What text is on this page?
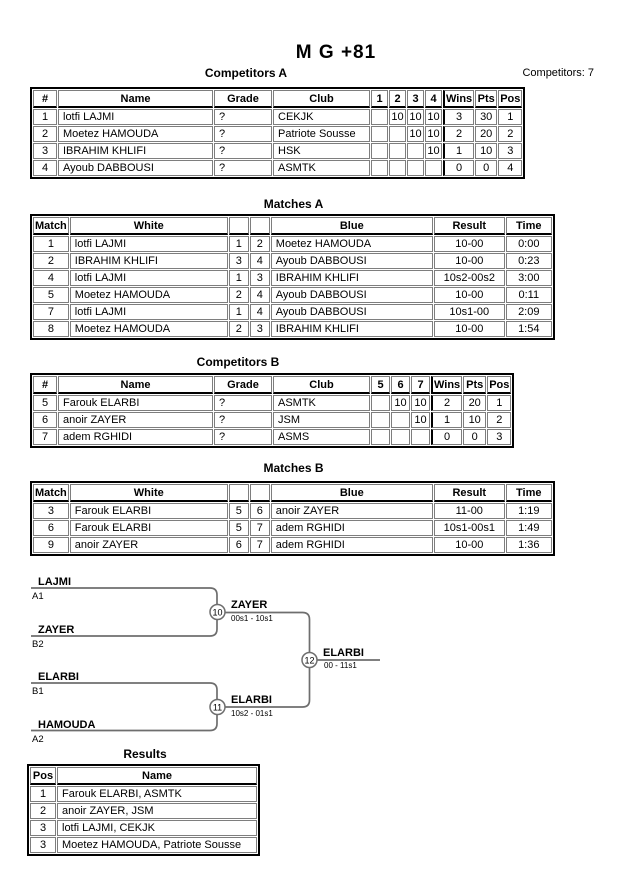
M G +81
Competitors A	Competitors: 7
#	Name	Grade	Club	1	2	3	4	Wins	Pts	Pos
1	lotfi LAJMI	?	CEKJK		10	10	10	3	30	1
2	Moetez HAMOUDA	?	Patriote Sousse			10	10	2	20	2
3	IBRAHIM KHLIFI	?	HSK				10	1	10	3
4	Ayoub DABBOUSI	?	ASMTK					0	0	4
Matches A
Match	White			Blue	Result	Time
1	lotfi LAJMI	1	2	Moetez HAMOUDA	10-00	0:00
2	IBRAHIM KHLIFI	3	4	Ayoub DABBOUSI	10-00	0:23
4	lotfi LAJMI	1	3	IBRAHIM KHLIFI	10s2-00s2	3:00
5	Moetez HAMOUDA	2	4	Ayoub DABBOUSI	10-00	0:11
7	lotfi LAJMI	1	4	Ayoub DABBOUSI	10s1-00	2:09
8	Moetez HAMOUDA	2	3	IBRAHIM KHLIFI	10-00	1:54
Competitors B
#	Name	Grade	Club	5	6	7	Wins	Pts	Pos
5	Farouk ELARBI	?	ASMTK		10	10	2	20	1
6	anoir ZAYER	?	JSM			10	1	10	2
7	adem RGHIDI	?	ASMS				0	0	3
Matches B
Match	White			Blue	Result	Time
3	Farouk ELARBI	5	6	anoir ZAYER	11-00	1:19
6	Farouk ELARBI	5	7	adem RGHIDI	10s1-00s1	1:49
9	anoir ZAYER	6	7	adem RGHIDI	10-00	1:36
LAJMI
A1
ZAYER
B2
ELARBI
B1
HAMOUDA
A2
ZAYER
00s1 - 10s1
ELARBI
10s2 - 01s1
ELARBI
00 - 11s1
10
11
12
Results
Pos	Name
1	Farouk ELARBI, ASMTK
2	anoir ZAYER, JSM
3	lotfi LAJMI, CEKJK
3	Moetez HAMOUDA, Patriote Sousse
